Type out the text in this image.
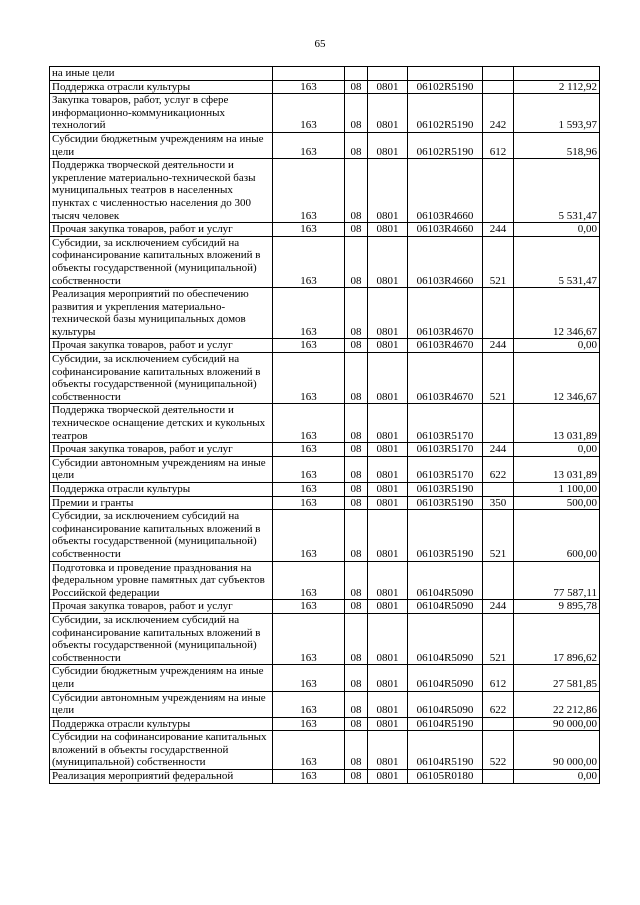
65
на иные цели						
Поддержка отрасли культуры	163	08	0801	06102R5190		2 112,92
Закупка товаров, работ, услуг в сфере информационно-коммуникационных технологий	163	08	0801	06102R5190	242	1 593,97
Субсидии бюджетным учреждениям на иные цели	163	08	0801	06102R5190	612	518,96
Поддержка творческой деятельности и укрепление материально-технической базы муниципальных театров в населенных пунктах с численностью населения до 300 тысяч человек	163	08	0801	06103R4660		5 531,47
Прочая закупка товаров, работ и услуг	163	08	0801	06103R4660	244	0,00
Субсидии, за исключением субсидий на софинансирование капитальных вложений в объекты государственной (муниципальной) собственности	163	08	0801	06103R4660	521	5 531,47
Реализация мероприятий по обеспечению развития и укрепления материально-технической базы муниципальных домов культуры	163	08	0801	06103R4670		12 346,67
Прочая закупка товаров, работ и услуг	163	08	0801	06103R4670	244	0,00
Субсидии, за исключением субсидий на софинансирование капитальных вложений в объекты государственной (муниципальной) собственности	163	08	0801	06103R4670	521	12 346,67
Поддержка творческой деятельности и техническое оснащение детских и кукольных театров	163	08	0801	06103R5170		13 031,89
Прочая закупка товаров, работ и услуг	163	08	0801	06103R5170	244	0,00
Субсидии автономным учреждениям на иные цели	163	08	0801	06103R5170	622	13 031,89
Поддержка отрасли культуры	163	08	0801	06103R5190		1 100,00
Премии и гранты	163	08	0801	06103R5190	350	500,00
Субсидии, за исключением субсидий на софинансирование капитальных вложений в объекты государственной (муниципальной) собственности	163	08	0801	06103R5190	521	600,00
Подготовка и проведение празднования на федеральном уровне памятных дат субъектов Российской федерации	163	08	0801	06104R5090		77 587,11
Прочая закупка товаров, работ и услуг	163	08	0801	06104R5090	244	9 895,78
Субсидии, за исключением субсидий на софинансирование капитальных вложений в объекты государственной (муниципальной) собственности	163	08	0801	06104R5090	521	17 896,62
Субсидии бюджетным учреждениям на иные цели	163	08	0801	06104R5090	612	27 581,85
Субсидии автономным учреждениям на иные цели	163	08	0801	06104R5090	622	22 212,86
Поддержка отрасли культуры	163	08	0801	06104R5190		90 000,00
Субсидии на софинансирование капитальных вложений в объекты государственной (муниципальной) собственности	163	08	0801	06104R5190	522	90 000,00
Реализация мероприятий федеральной	163	08	0801	06105R0180		0,00
